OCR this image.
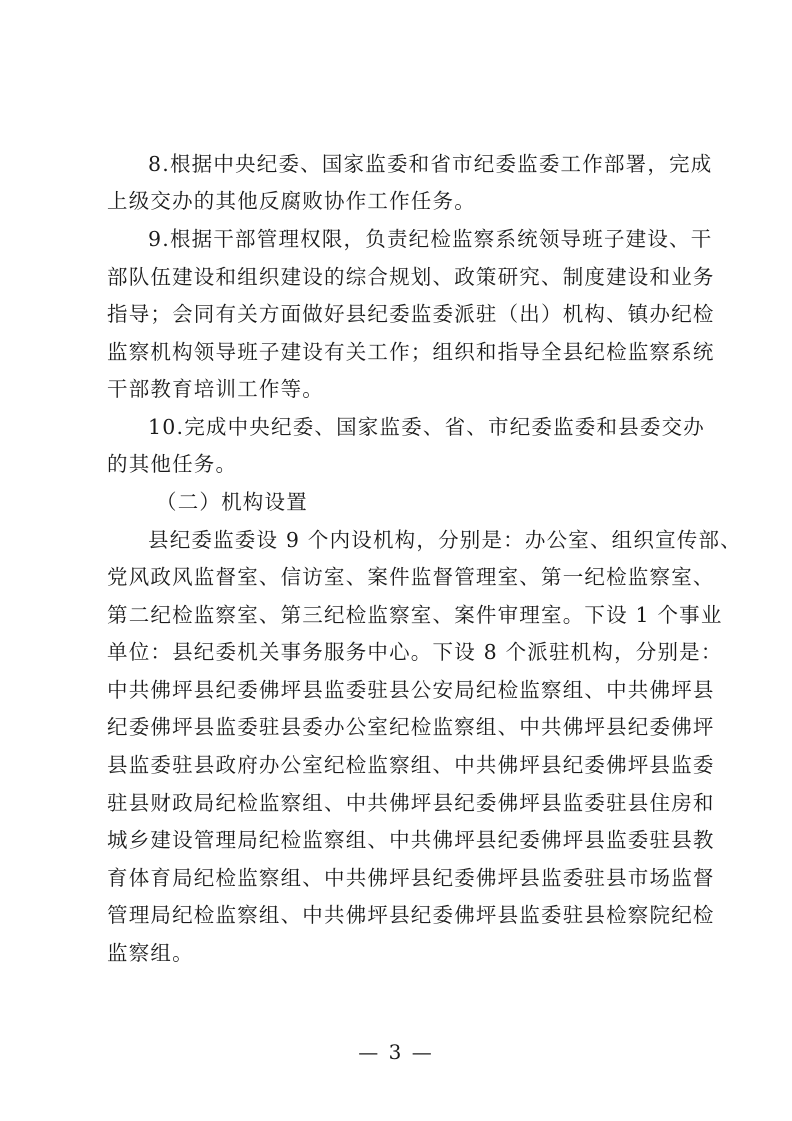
8.根据中央纪委、国家监委和省市纪委监委工作部署，完成
上级交办的其他反腐败协作工作任务。
9.根据干部管理权限，负责纪检监察系统领导班子建设、干
部队伍建设和组织建设的综合规划、政策研究、制度建设和业务
指导；会同有关方面做好县纪委监委派驻（出）机构、镇办纪检
监察机构领导班子建设有关工作；组织和指导全县纪检监察系统
干部教育培训工作等。
10.完成中央纪委、国家监委、省、市纪委监委和县委交办
的其他任务。
（二）机构设置
县纪委监委设 9 个内设机构，分别是：办公室、组织宣传部、
党风政风监督室、信访室、案件监督管理室、第一纪检监察室、
第二纪检监察室、第三纪检监察室、案件审理室。下设 1 个事业
单位：县纪委机关事务服务中心。下设 8 个派驻机构，分别是：
中共佛坪县纪委佛坪县监委驻县公安局纪检监察组、中共佛坪县
纪委佛坪县监委驻县委办公室纪检监察组、中共佛坪县纪委佛坪
县监委驻县政府办公室纪检监察组、中共佛坪县纪委佛坪县监委
驻县财政局纪检监察组、中共佛坪县纪委佛坪县监委驻县住房和
城乡建设管理局纪检监察组、中共佛坪县纪委佛坪县监委驻县教
育体育局纪检监察组、中共佛坪县纪委佛坪县监委驻县市场监督
管理局纪检监察组、中共佛坪县纪委佛坪县监委驻县检察院纪检
监察组。
— 3 —
